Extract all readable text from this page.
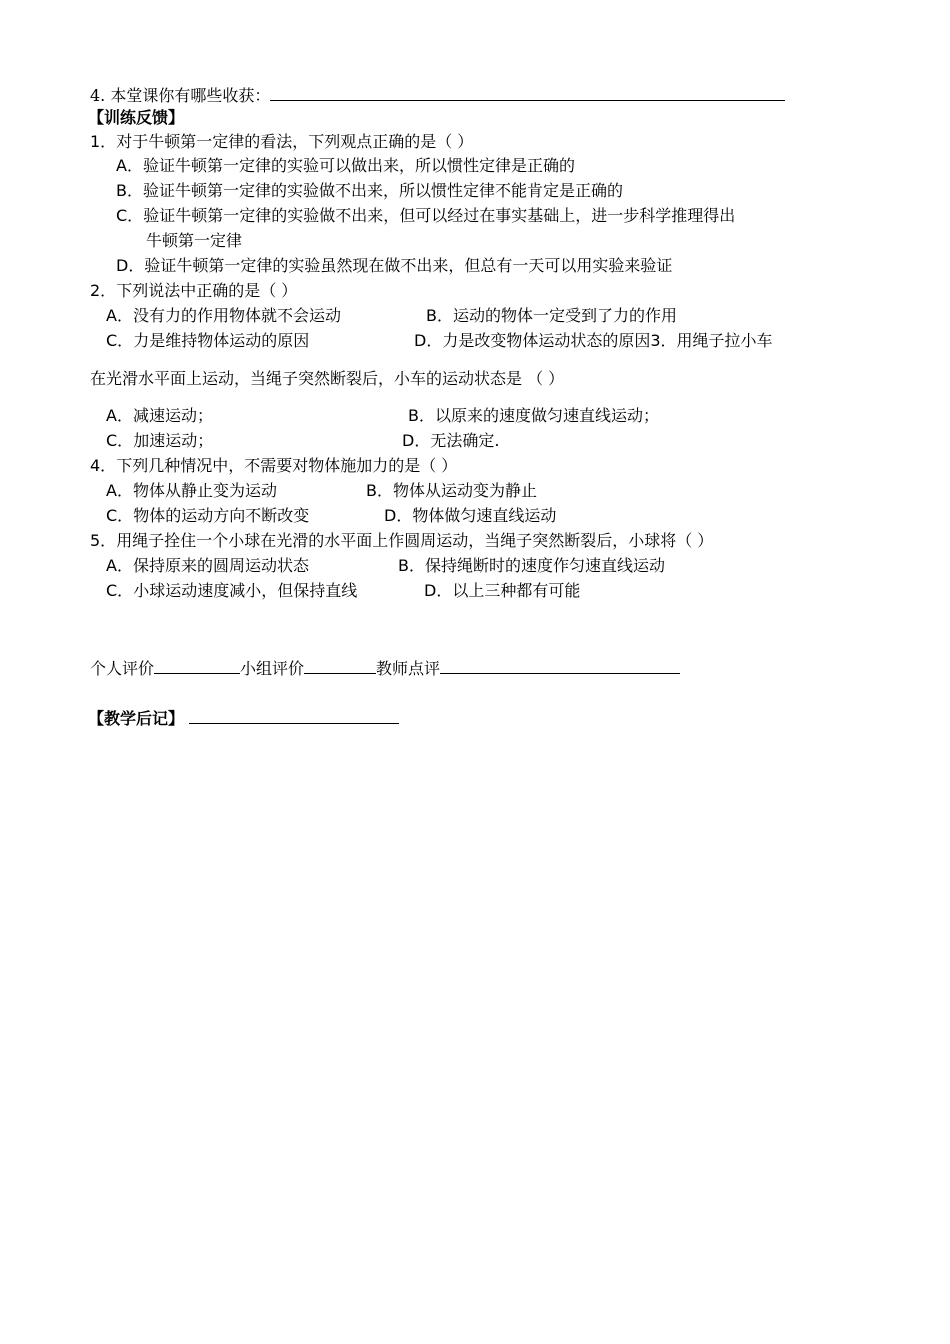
4. 本堂课你有哪些收获：
【训练反馈】
1．对于牛顿第一定律的看法，下列观点正确的是（ ）
A．验证牛顿第一定律的实验可以做出来，所以惯性定律是正确的
B．验证牛顿第一定律的实验做不出来，所以惯性定律不能肯定是正确的
C．验证牛顿第一定律的实验做不出来，但可以经过在事实基础上，进一步科学推理得出
牛顿第一定律
D．验证牛顿第一定律的实验虽然现在做不出来，但总有一天可以用实验来验证
2．下列说法中正确的是（ ）
A．没有力的作用物体就不会运动	B．运动的物体一定受到了力的作用
C．力是维持物体运动的原因	D．力是改变物体运动状态的原因3．用绳子拉小车
在光滑水平面上运动，当绳子突然断裂后，小车的运动状态是 （ ）
A．减速运动；	B．以原来的速度做匀速直线运动；
C．加速运动；	D．无法确定.
4．下列几种情况中，不需要对物体施加力的是（ ）
A．物体从静止变为运动	B．物体从运动变为静止
C．物体的运动方向不断改变	D．物体做匀速直线运动
5．用绳子拴住一个小球在光滑的水平面上作圆周运动，当绳子突然断裂后，小球将（ ）
A．保持原来的圆周运动状态	B．保持绳断时的速度作匀速直线运动
C．小球运动速度减小，但保持直线	D．以上三种都有可能
个人评价	小组评价	教师点评
【教学后记】
